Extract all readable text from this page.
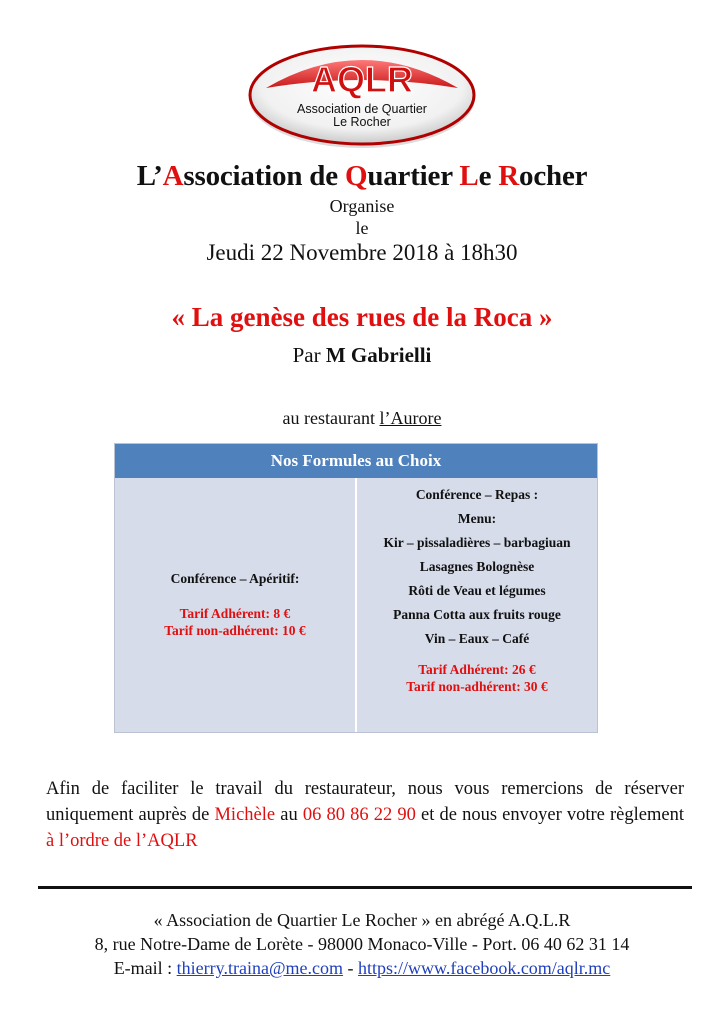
AQLR
Association de Quartier
Le Rocher
L’Association de Quartier Le Rocher
Organise
le
Jeudi 22 Novembre 2018 à 18h30
« La genèse des rues de la Roca »
Par M Gabrielli
au restaurant l’Aurore
Nos Formules au Choix
Conférence – Apéritif:
Tarif Adhérent: 8 €
Tarif non-adhérent: 10 €
Conférence – Repas :
Menu:
Kir – pissaladières – barbagiuan
Lasagnes Bolognèse
Rôti de Veau et légumes
Panna Cotta aux fruits rouge
Vin – Eaux – Café
Tarif Adhérent: 26 €
Tarif non-adhérent: 30 €
Afin de faciliter le travail du restaurateur, nous vous remercions de réserver uniquement auprès de Michèle au 06 80 86 22 90 et de nous envoyer votre règlement à l’ordre de l’AQLR
« Association de Quartier Le Rocher » en abrégé A.Q.L.R
8, rue Notre-Dame de Lorète - 98000 Monaco-Ville - Port. 06 40 62 31 14
E-mail : thierry.traina@me.com - https://www.facebook.com/aqlr.mc
